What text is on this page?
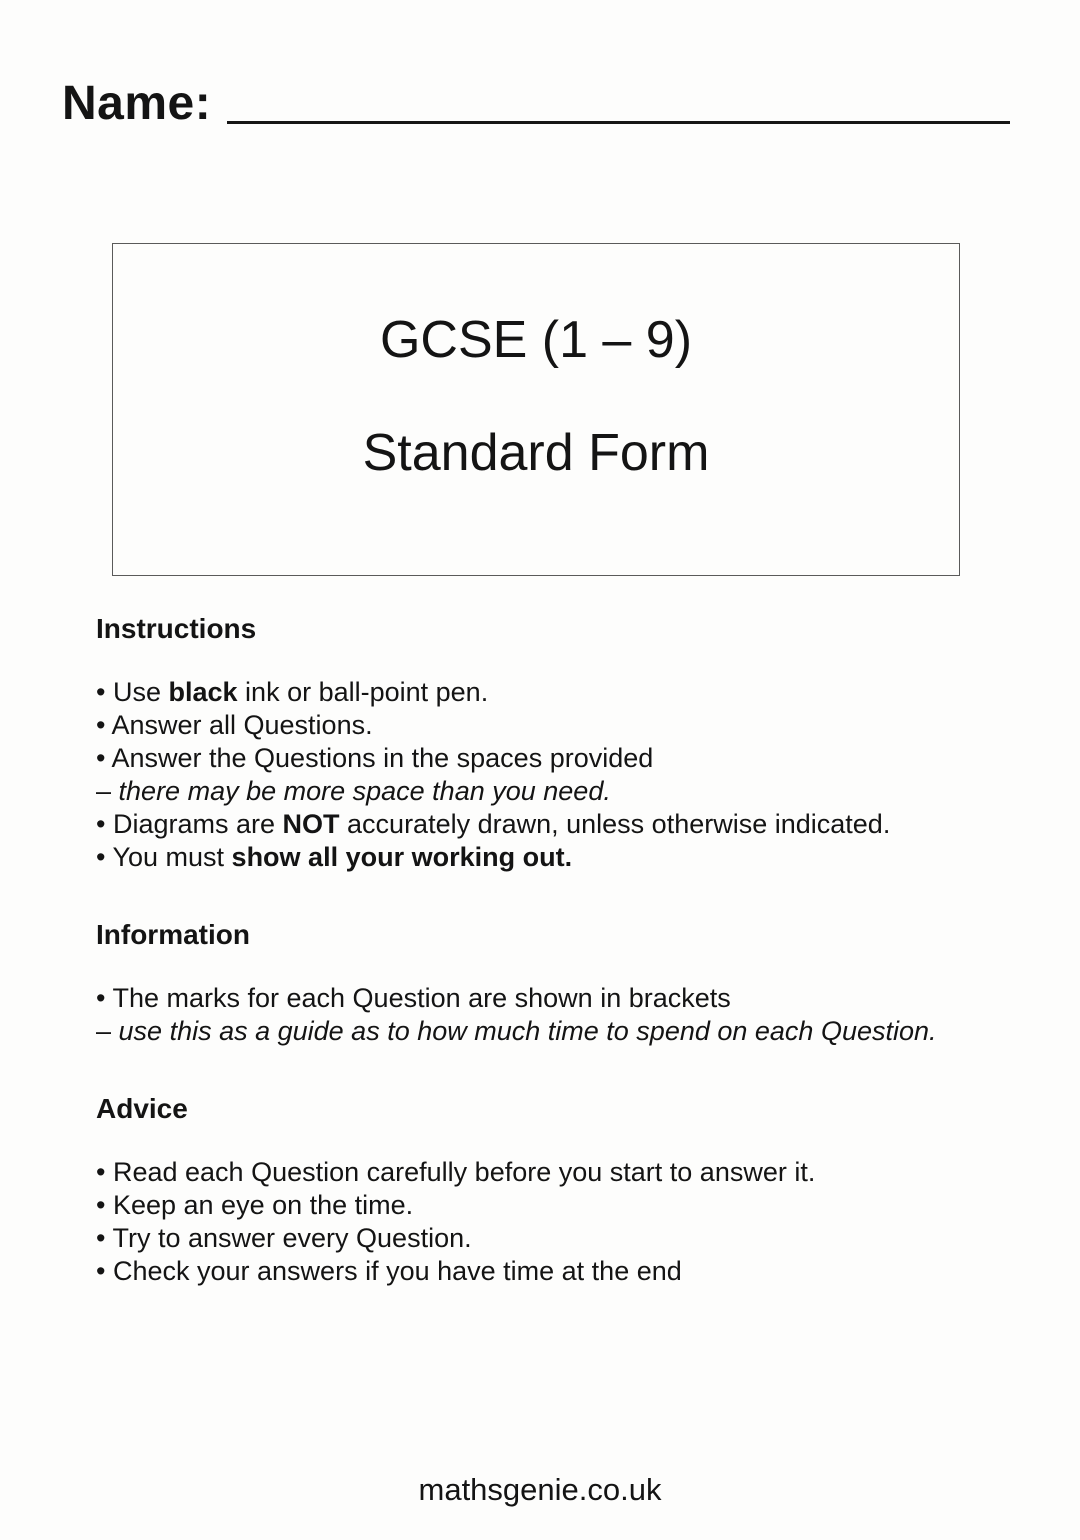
Name:
GCSE (1 – 9)
Standard Form
Instructions
• Use black ink or ball-point pen.
• Answer all Questions.
• Answer the Questions in the spaces provided
– there may be more space than you need.
• Diagrams are NOT accurately drawn, unless otherwise indicated.
• You must show all your working out.
Information
• The marks for each Question are shown in brackets
– use this as a guide as to how much time to spend on each Question.
Advice
• Read each Question carefully before you start to answer it.
• Keep an eye on the time.
• Try to answer every Question.
• Check your answers if you have time at the end
mathsgenie.co.uk
